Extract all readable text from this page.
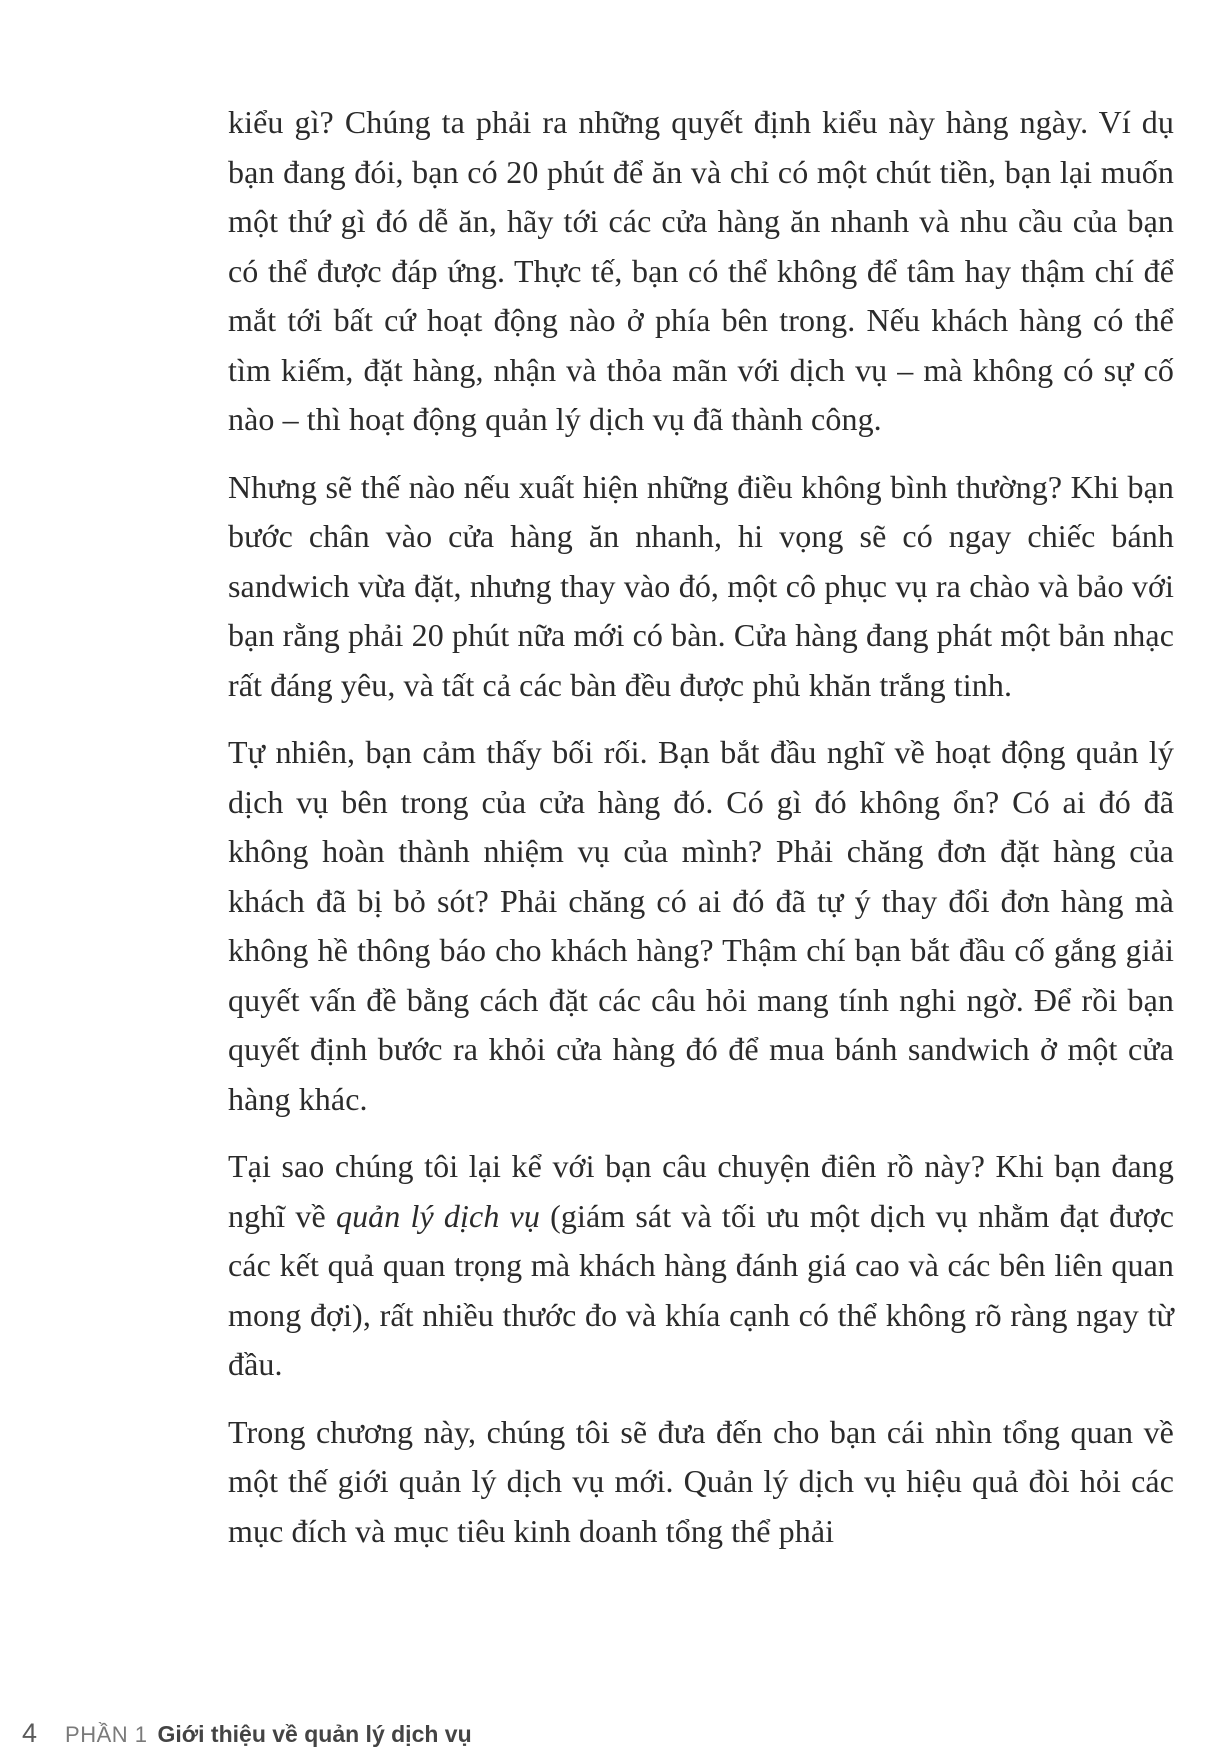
kiểu gì? Chúng ta phải ra những quyết định kiểu này hàng ngày. Ví dụ bạn đang đói, bạn có 20 phút để ăn và chỉ có một chút tiền, bạn lại muốn một thứ gì đó dễ ăn, hãy tới các cửa hàng ăn nhanh và nhu cầu của bạn có thể được đáp ứng. Thực tế, bạn có thể không để tâm hay thậm chí để mắt tới bất cứ hoạt động nào ở phía bên trong. Nếu khách hàng có thể tìm kiếm, đặt hàng, nhận và thỏa mãn với dịch vụ – mà không có sự cố nào – thì hoạt động quản lý dịch vụ đã thành công.

Nhưng sẽ thế nào nếu xuất hiện những điều không bình thường? Khi bạn bước chân vào cửa hàng ăn nhanh, hi vọng sẽ có ngay chiếc bánh sandwich vừa đặt, nhưng thay vào đó, một cô phục vụ ra chào và bảo với bạn rằng phải 20 phút nữa mới có bàn. Cửa hàng đang phát một bản nhạc rất đáng yêu, và tất cả các bàn đều được phủ khăn trắng tinh.

Tự nhiên, bạn cảm thấy bối rối. Bạn bắt đầu nghĩ về hoạt động quản lý dịch vụ bên trong của cửa hàng đó. Có gì đó không ổn? Có ai đó đã không hoàn thành nhiệm vụ của mình? Phải chăng đơn đặt hàng của khách đã bị bỏ sót? Phải chăng có ai đó đã tự ý thay đổi đơn hàng mà không hề thông báo cho khách hàng? Thậm chí bạn bắt đầu cố gắng giải quyết vấn đề bằng cách đặt các câu hỏi mang tính nghi ngờ. Để rồi bạn quyết định bước ra khỏi cửa hàng đó để mua bánh sandwich ở một cửa hàng khác.

Tại sao chúng tôi lại kể với bạn câu chuyện điên rồ này? Khi bạn đang nghĩ về quản lý dịch vụ (giám sát và tối ưu một dịch vụ nhằm đạt được các kết quả quan trọng mà khách hàng đánh giá cao và các bên liên quan mong đợi), rất nhiều thước đo và khía cạnh có thể không rõ ràng ngay từ đầu.

Trong chương này, chúng tôi sẽ đưa đến cho bạn cái nhìn tổng quan về một thế giới quản lý dịch vụ mới. Quản lý dịch vụ hiệu quả đòi hỏi các mục đích và mục tiêu kinh doanh tổng thể phải

4 PHẦN 1 Giới thiệu về quản lý dịch vụ
